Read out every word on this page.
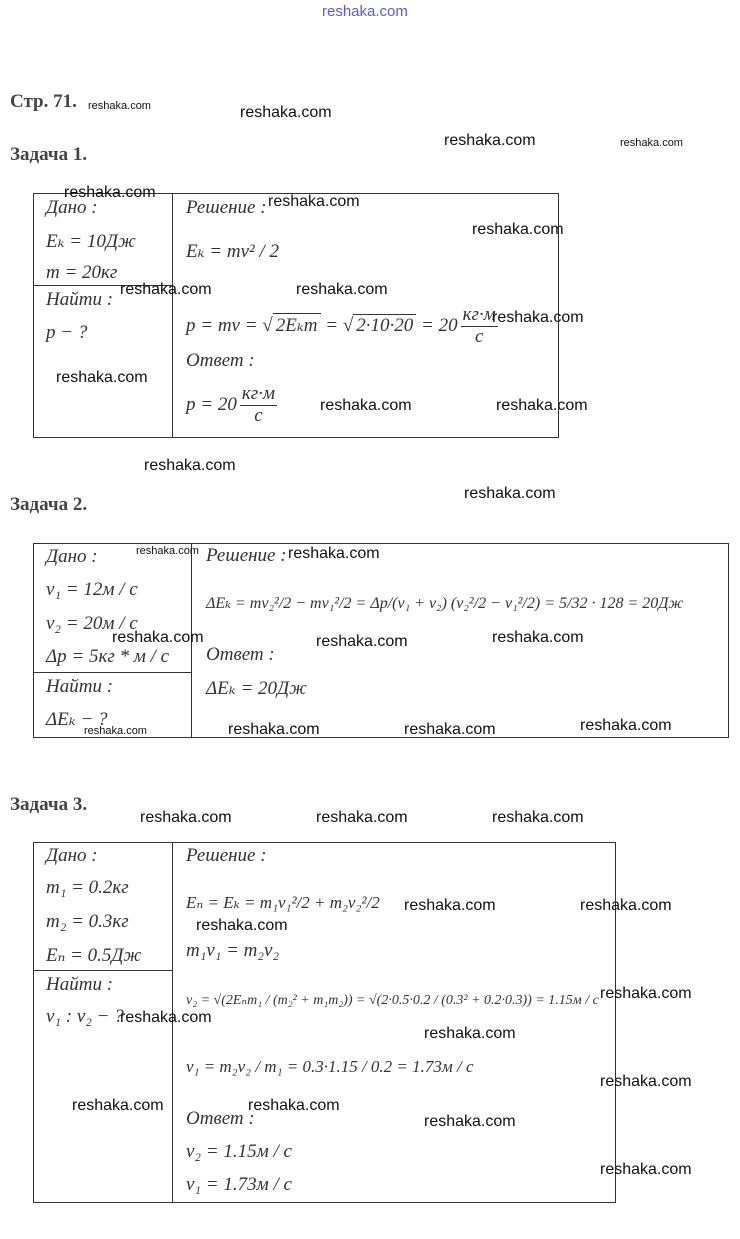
reshaka.com
Стр. 71.
Задача 1.
Дано :
Eₖ = 10Дж
m = 20кг
Найти :
p − ?
Решение :
Eₖ = mv² / 2
p = mv = √ 2Eₖm = √ $2\cdot 10\cdot 20 = 20 \frac{кг\cdot м}{с}$
Ответ :
$p = 20 \frac{кг\cdot м}{с}$
Задача 2.
Дано :
v₁ = 12м / с
v₂ = 20м / с
Δp = 5кг * м / с
Найти :
ΔEₖ − ?
Решение :
ΔEₖ = mv₂²/2 − mv₁²/2 = Δp/(v₁ + v₂) (v₂²/2 − v₁²/2) = 5/32 · 128 = 20Дж
Ответ :
ΔEₖ = 20Дж
Задача 3.
Дано :
m₁ = 0.2кг
m₂ = 0.3кг
Eₙ = 0.5Дж
Найти :
v₁ : v₂ − ?
Решение :
Eₙ = Eₖ = m₁v₁²/2 + m₂v₂²/2
m₁v₁ = m₂v₂
v₂ = √(2Eₙm₁ / (m₂² + m₁m₂)) = √(2·0.5·0.2 / (0.3² + 0.2·0.3)) = 1.15м / с
v₁ = m₂v₂ / m₁ = 0.3·1.15 / 0.2 = 1.73м / с
Ответ :
v₂ = 1.15м / с
v₁ = 1.73м / с
reshaka.com	reshaka.com
reshaka.com	reshaka.com
reshaka.com
reshaka.com
reshaka.com
reshaka.com	reshaka.com
reshaka.com
reshaka.com
reshaka.com	reshaka.com
reshaka.com
reshaka.com
reshaka.com	reshaka.com
reshaka.com	reshaka.com	reshaka.com
reshaka.com	reshaka.com	reshaka.com	reshaka.com
reshaka.com	reshaka.com	reshaka.com
reshaka.com	reshaka.com
reshaka.com
reshaka.com
reshaka.com
reshaka.com
reshaka.com
reshaka.com	reshaka.com
reshaka.com
reshaka.com
